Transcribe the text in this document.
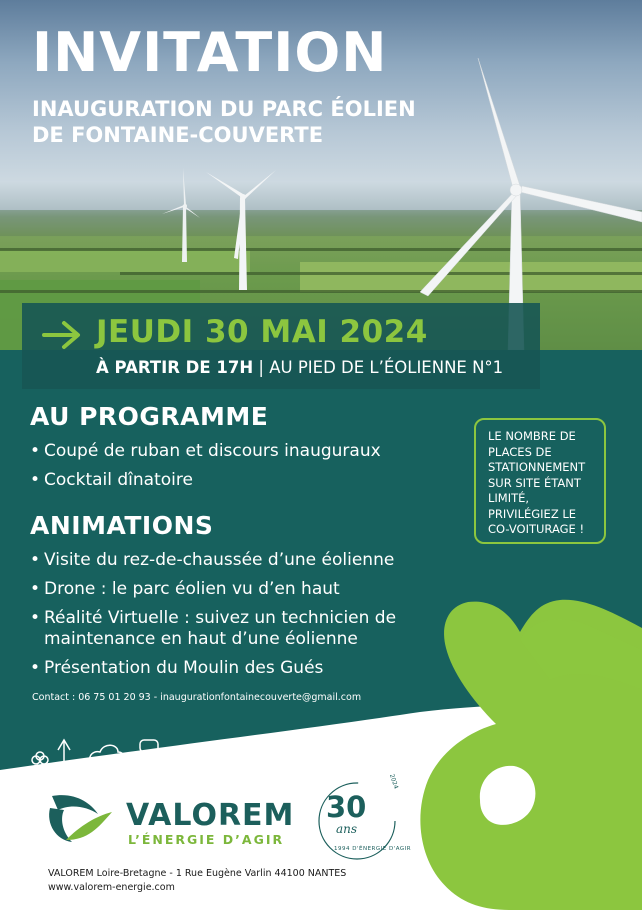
INVITATION
INAUGURATION DU PARC ÉOLIEN
DE FONTAINE-COUVERTE
JEUDI 30 MAI 2024
À PARTIR DE 17H | AU PIED DE L’ÉOLIENNE N°1
AU PROGRAMME
• Coupé de ruban et discours inauguraux
• Cocktail dînatoire
ANIMATIONS
• Visite du rez-de-chaussée d’une éolienne
• Drone : le parc éolien vu d’en haut
• Réalité Virtuelle : suivez un technicien de maintenance en haut d’une éolienne
• Présentation du Moulin des Gués
LE NOMBRE DE
PLACES DE
STATIONNEMENT
SUR SITE ÉTANT
LIMITÉ,
PRIVILÉGIEZ LE
CO-VOITURAGE !
Contact : 06 75 01 20 93 - inaugurationfontainecouverte@gmail.com
VALOREM
L’ÉNERGIE D’AGIR
30
ans
2024
1994 D'ÉNERGIE D'AGIR
VALOREM Loire-Bretagne - 1 Rue Eugène Varlin 44100 NANTES
www.valorem-energie.com
